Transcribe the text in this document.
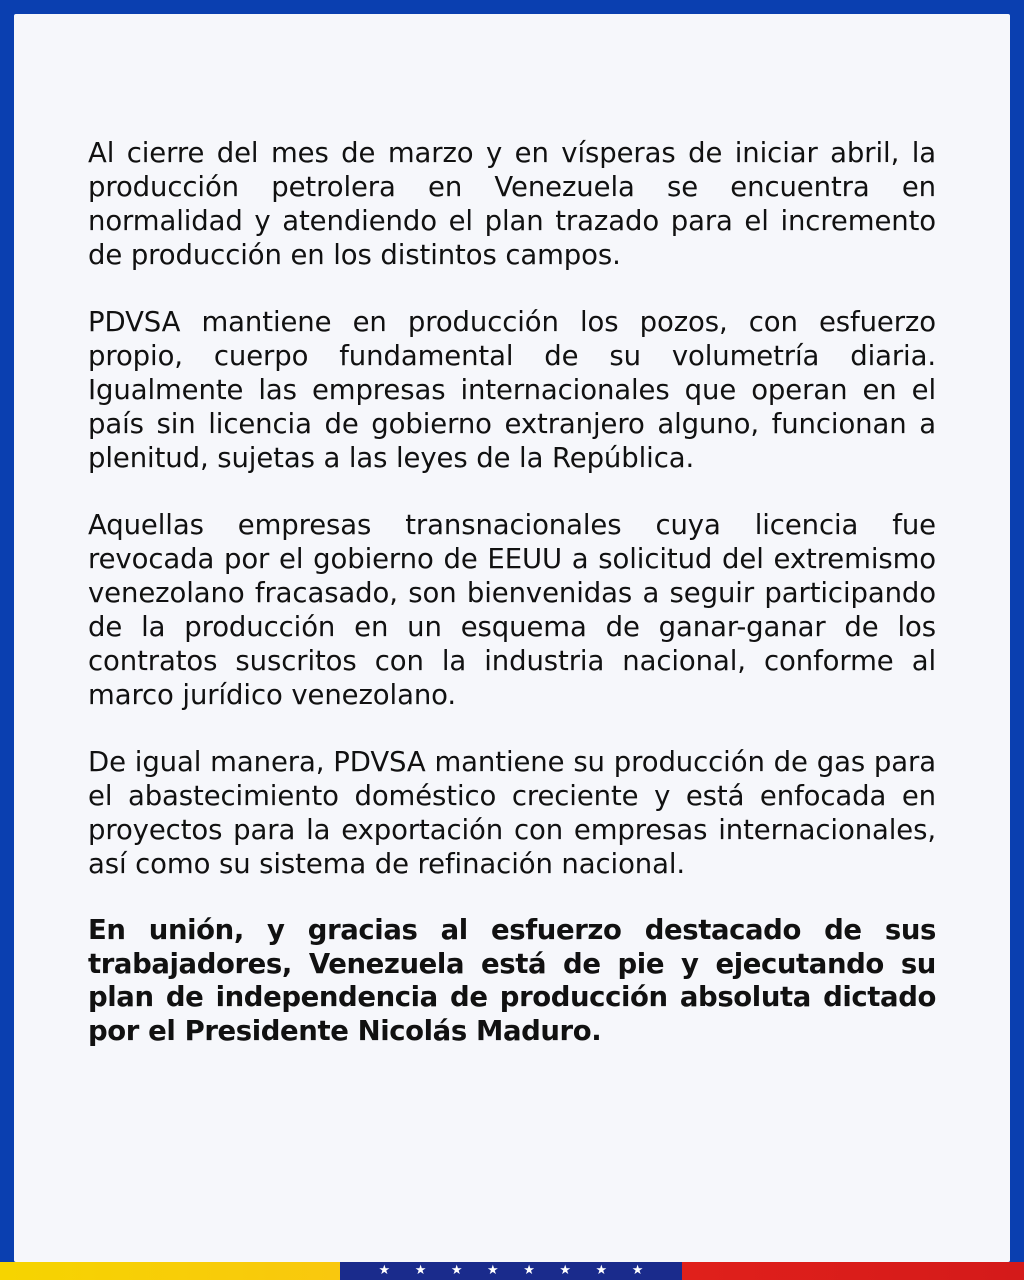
Al cierre del mes de marzo y en vísperas de iniciar abril, la producción petrolera en Venezuela se encuentra en normalidad y atendiendo el plan trazado para el incremento de producción en los distintos campos.

PDVSA mantiene en producción los pozos, con esfuerzo propio, cuerpo fundamental de su volumetría diaria. Igualmente las empresas internacionales que operan en el país sin licencia de gobierno extranjero alguno, funcionan a plenitud, sujetas a las leyes de la República.

Aquellas empresas transnacionales cuya licencia fue revocada por el gobierno de EEUU a solicitud del extremismo venezolano fracasado, son bienvenidas a seguir participando de la producción en un esquema de ganar-ganar de los contratos suscritos con la industria nacional, conforme al marco jurídico venezolano.

De igual manera, PDVSA mantiene su producción de gas para el abastecimiento doméstico creciente y está enfocada en proyectos para la exportación con empresas internacionales, así como su sistema de refinación nacional.

En unión, y gracias al esfuerzo destacado de sus trabajadores, Venezuela está de pie y ejecutando su plan de independencia de producción absoluta dictado por el Presidente Nicolás Maduro.

★ ★ ★ ★ ★ ★ ★ ★
